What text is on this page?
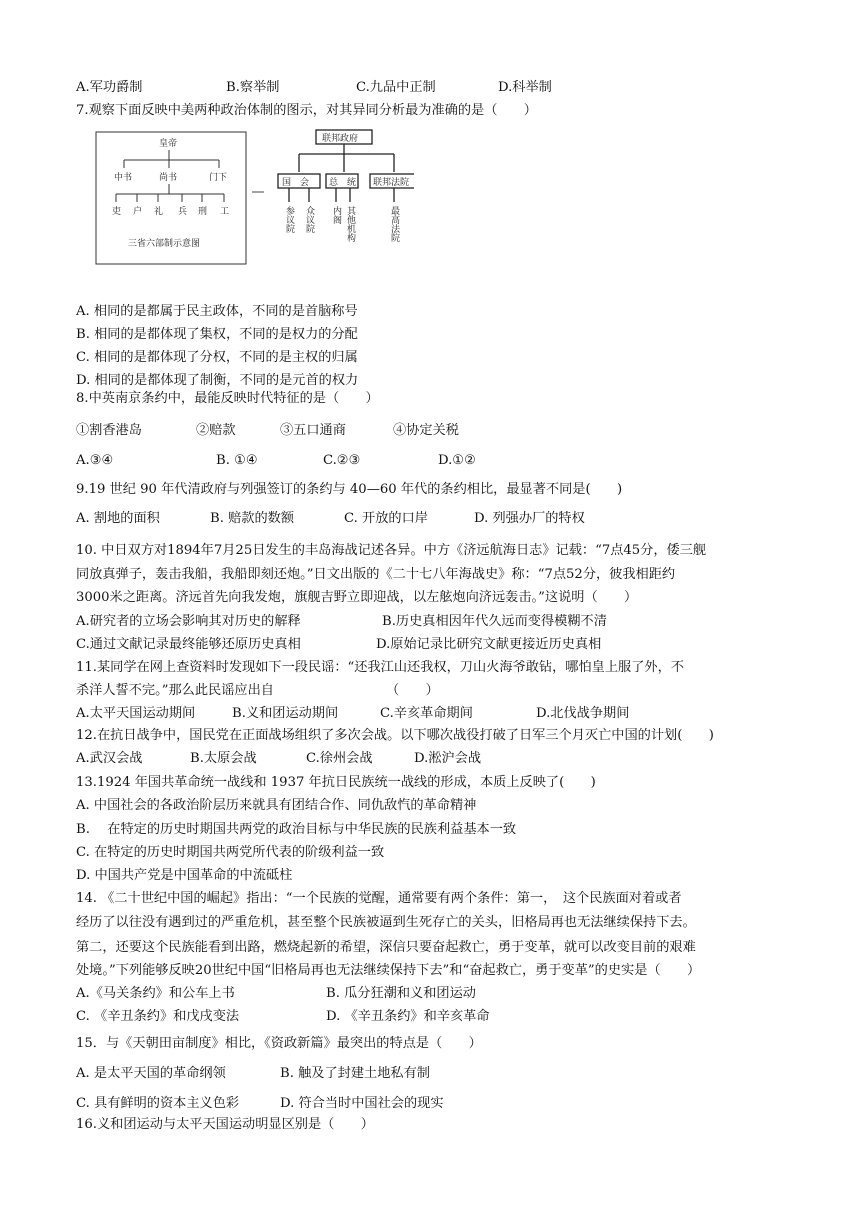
A.军功爵制	B.察举制	C.九品中正制	D.科举制
7.观察下面反映中美两种政治体制的图示，对其异同分析最为准确的是（　　）
皇帝
中书	尚书	门下
吏 户 礼 兵 刑 工
三省六部制示意图
联邦政府
国　会 总　统 联邦法院
参议院 众议院 内阁 其他机构	最高法院
A. 相同的是都属于民主政体，不同的是首脑称号
B. 相同的是都体现了集权，不同的是权力的分配
C. 相同的是都体现了分权，不同的是主权的归属
D. 相同的是都体现了制衡，不同的是元首的权力
8.中英南京条约中，最能反映时代特征的是（　　）
①割香港岛	②赔款	③五口通商	④协定关税
A.③④	B. ①④	C.②③	D.①②
9.19 世纪 90 年代清政府与列强签订的条约与 40—60 年代的条约相比，最显著不同是(　　)
A. 割地的面积	B. 赔款的数额	C. 开放的口岸	D. 列强办厂的特权
10. 中日双方对1894年7月25日发生的丰岛海战记述各异。中方《济远航海日志》记载：“7点45分，倭三舰
同放真弹子，轰击我船，我船即刻还炮。”日文出版的《二十七八年海战史》称：“7点52分，彼我相距约
3000米之距离。济远首先向我发炮，旗舰吉野立即迎战，以左舷炮向济远轰击。”这说明（　　）
A.研究者的立场会影响其对历史的解释	B.历史真相因年代久远而变得模糊不清
C.通过文献记录最终能够还原历史真相	D.原始记录比研究文献更接近历史真相
11.某同学在网上查资料时发现如下一段民谣：“还我江山还我权，刀山火海爷敢钻，哪怕皇上服了外，不
杀洋人誓不完。”那么此民谣应出自　　　　　　　　　（　　）
A.太平天国运动期间	B.义和团运动期间	C.辛亥革命期间	D.北伐战争期间
12.在抗日战争中，国民党在正面战场组织了多次会战。以下哪次战役打破了日军三个月灭亡中国的计划(　　)
A.武汉会战	B.太原会战	C.徐州会战	D.淞沪会战
13.1924 年国共革命统一战线和 1937 年抗日民族统一战线的形成，本质上反映了(　　)
A. 中国社会的各政治阶层历来就具有团结合作、同仇敌忾的革命精神
B.　 在特定的历史时期国共两党的政治目标与中华民族的民族利益基本一致
C. 在特定的历史时期国共两党所代表的阶级利益一致
D. 中国共产党是中国革命的中流砥柱
14. 《二十世纪中国的崛起》指出：“一个民族的觉醒，通常要有两个条件：第一，　这个民族面对着或者
经历了以往没有遇到过的严重危机，甚至整个民族被逼到生死存亡的关头，旧格局再也无法继续保持下去。
第二，还要这个民族能看到出路，燃烧起新的希望，深信只要奋起救亡，勇于变革，就可以改变目前的艰难
处境。”下列能够反映20世纪中国“旧格局再也无法继续保持下去”和“奋起救亡，勇于变革”的史实是（　　）
A.《马关条约》和公车上书	B. 瓜分狂潮和义和团运动
C. 《辛丑条约》和戊戌变法	D. 《辛丑条约》和辛亥革命
15．与《天朝田亩制度》相比，《资政新篇》最突出的特点是（　　）
A. 是太平天国的革命纲领	B. 触及了封建土地私有制
C. 具有鲜明的资本主义色彩	D. 符合当时中国社会的现实
16.义和团运动与太平天国运动明显区别是（　　）
